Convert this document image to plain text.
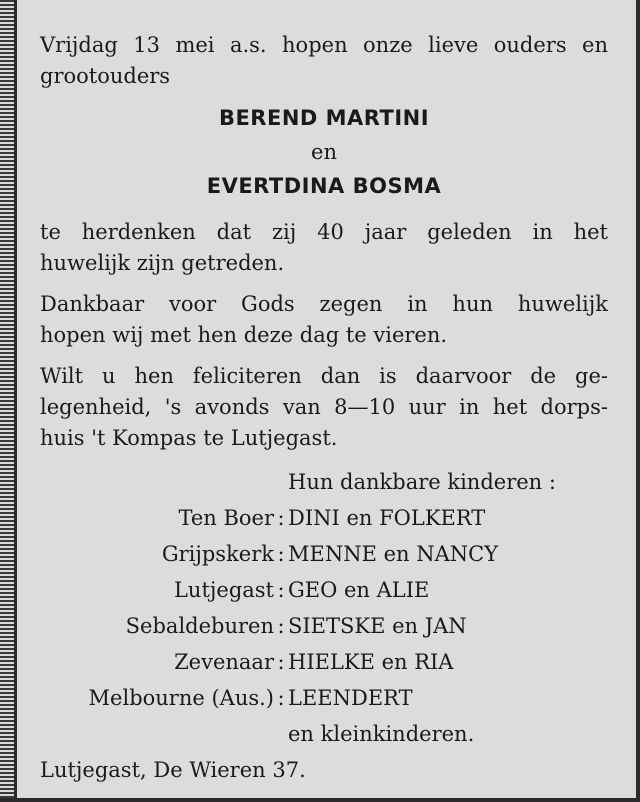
Vrijdag 13 mei a.s. hopen onze lieve ouders en

grootouders

BEREND MARTINI

en

EVERTDINA BOSMA

te herdenken dat zij 40 jaar geleden in het

huwelijk zijn getreden.

Dankbaar voor Gods zegen in hun huwelijk

hopen wij met hen deze dag te vieren.

Wilt u hen feliciteren dan is daarvoor de ge-

legenheid, 's avonds van 8—10 uur in het dorps-

huis 't Kompas te Lutjegast.

Hun dankbare kinderen :

Ten Boer : DINI en FOLKERT
Grijpskerk : MENNE en NANCY
Lutjegast : GEO en ALIE
Sebaldeburen : SIETSKE en JAN
Zevenaar : HIELKE en RIA
Melbourne (Aus.) : LEENDERT

en kleinkinderen.

Lutjegast, De Wieren 37.
